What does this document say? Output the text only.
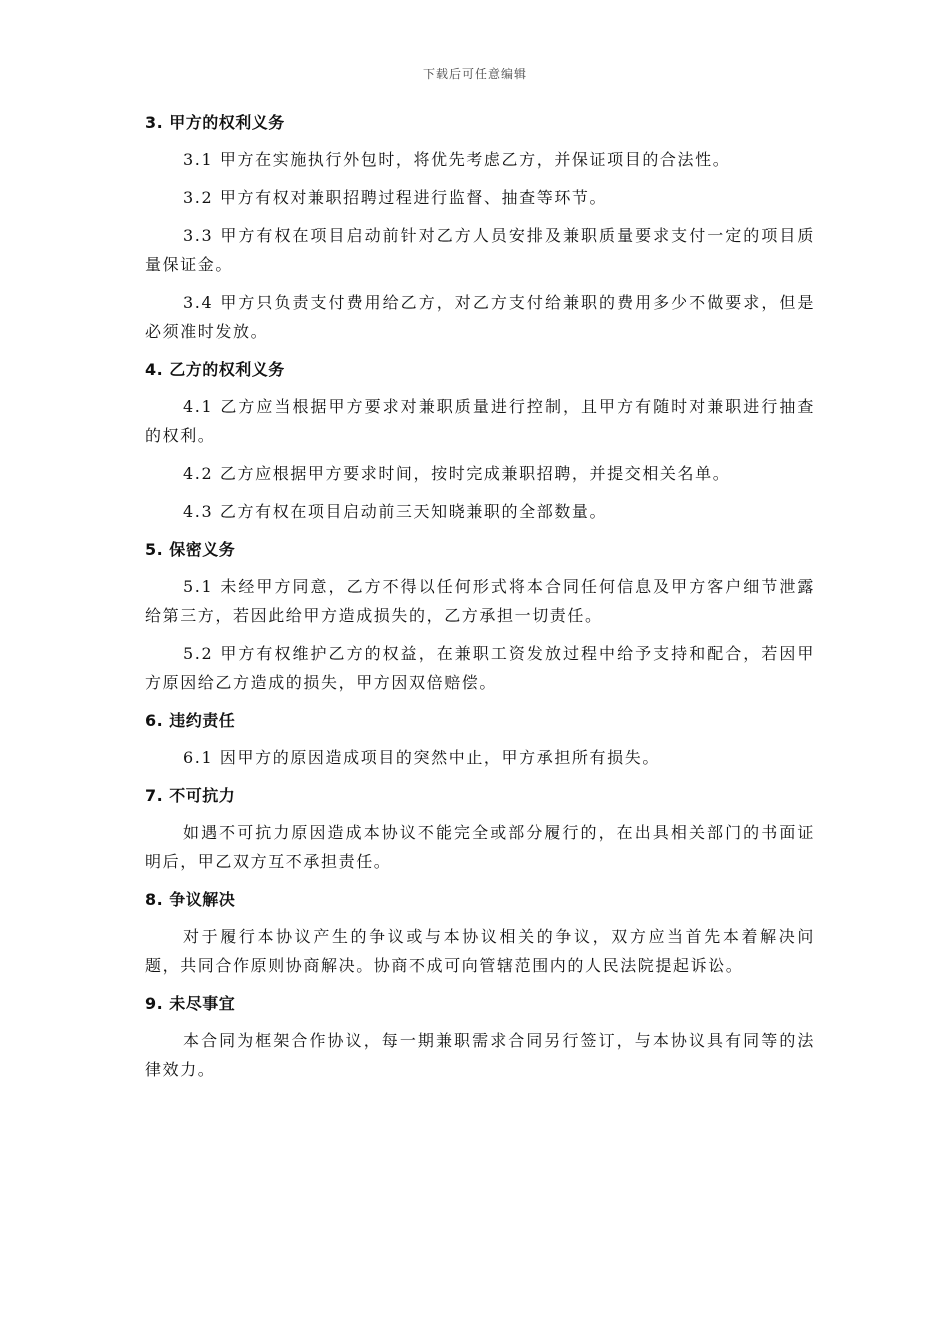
下载后可任意编辑
3. 甲方的权利义务

3.1 甲方在实施执行外包时，将优先考虑乙方，并保证项目的合法性。

3.2 甲方有权对兼职招聘过程进行监督、抽查等环节。

3.3 甲方有权在项目启动前针对乙方人员安排及兼职质量要求支付一定的项目质量保证金。

3.4 甲方只负责支付费用给乙方，对乙方支付给兼职的费用多少不做要求，但是必须准时发放。

4. 乙方的权利义务

4.1 乙方应当根据甲方要求对兼职质量进行控制，且甲方有随时对兼职进行抽查的权利。

4.2 乙方应根据甲方要求时间，按时完成兼职招聘，并提交相关名单。

4.3 乙方有权在项目启动前三天知晓兼职的全部数量。

5. 保密义务

5.1 未经甲方同意，乙方不得以任何形式将本合同任何信息及甲方客户细节泄露给第三方，若因此给甲方造成损失的，乙方承担一切责任。

5.2 甲方有权维护乙方的权益，在兼职工资发放过程中给予支持和配合，若因甲方原因给乙方造成的损失，甲方因双倍赔偿。

6. 违约责任

6.1 因甲方的原因造成项目的突然中止，甲方承担所有损失。

7. 不可抗力

如遇不可抗力原因造成本协议不能完全或部分履行的，在出具相关部门的书面证明后，甲乙双方互不承担责任。

8. 争议解决

对于履行本协议产生的争议或与本协议相关的争议，双方应当首先本着解决问题，共同合作原则协商解决。协商不成可向管辖范围内的人民法院提起诉讼。

9. 未尽事宜

本合同为框架合作协议，每一期兼职需求合同另行签订，与本协议具有同等的法律效力。
